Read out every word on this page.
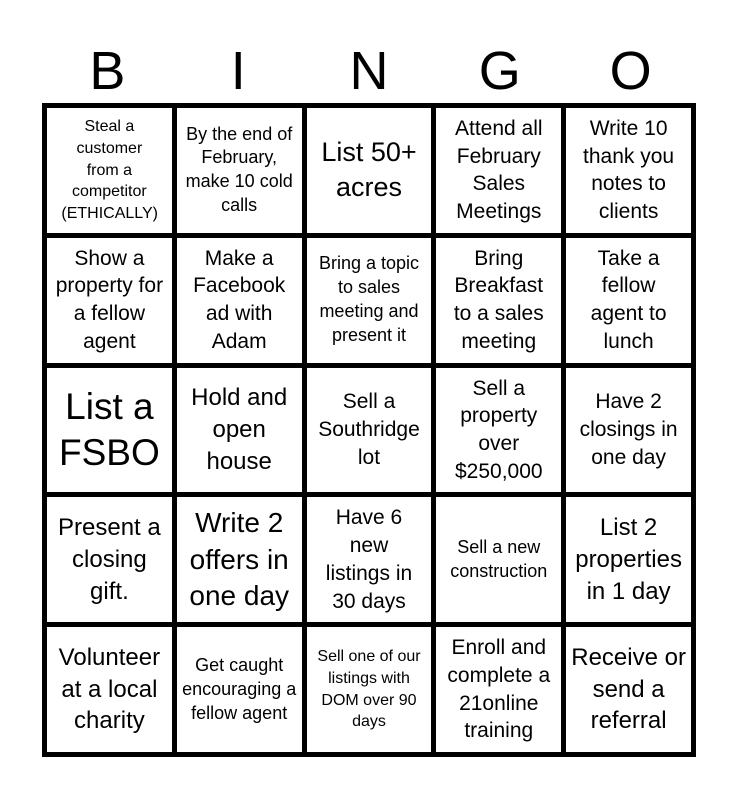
B	I	N	G	O
Steal a customer from a competitor (ETHICALLY)
By the end of February, make 10 cold calls
List 50+ acres
Attend all February Sales Meetings
Write 10 thank you notes to clients
Show a property for a fellow agent
Make a Facebook ad with Adam
Bring a topic to sales meeting and present it
Bring Breakfast to a sales meeting
Take a fellow agent to lunch
List a FSBO
Hold and open house
Sell a Southridge lot
Sell a property over $250,000
Have 2 closings in one day
Present a closing gift.
Write 2 offers in one day
Have 6 new listings in 30 days
Sell a new construction
List 2 properties in 1 day
Volunteer at a local charity
Get caught encouraging a fellow agent
Sell one of our listings with DOM over 90 days
Enroll and complete a 21online training
Receive or send a referral
